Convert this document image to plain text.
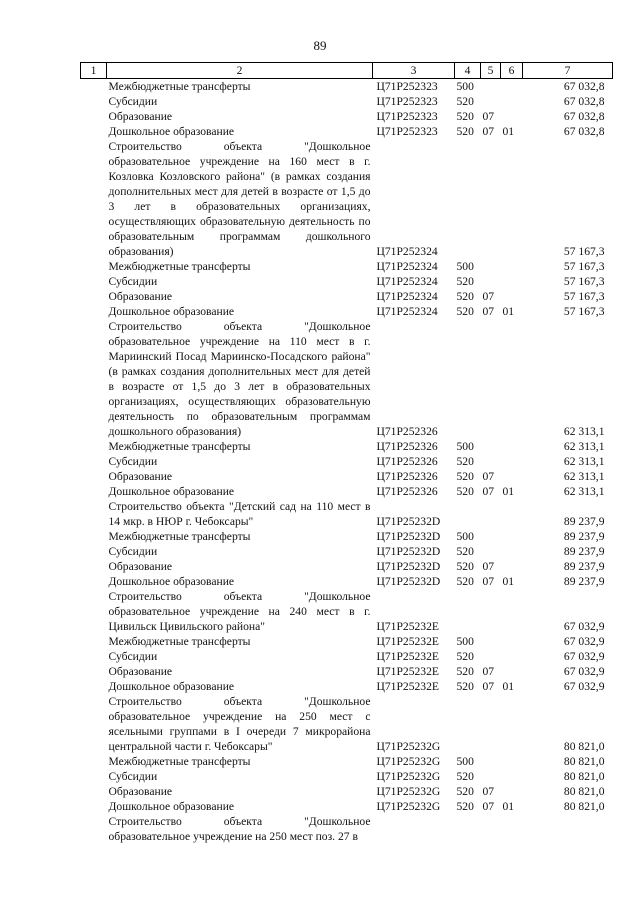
89
1	2	3	4	5	6	7
	Межбюджетные трансферты	Ц71P252323	500			67 032,8
	Субсидии	Ц71P252323	520			67 032,8
	Образование	Ц71P252323	520	07		67 032,8
	Дошкольное образование	Ц71P252323	520	07	01	67 032,8
	Строительство объекта "Дошкольное образовательное учреждение на 160 мест в г. Козловка Козловского района" (в рамках создания дополнительных мест для детей в возрасте от 1,5 до 3 лет в образовательных организациях, осуществляющих образовательную деятельность по образовательным программам дошкольного образования)	Ц71P252324				57 167,3
	Межбюджетные трансферты	Ц71P252324	500			57 167,3
	Субсидии	Ц71P252324	520			57 167,3
	Образование	Ц71P252324	520	07		57 167,3
	Дошкольное образование	Ц71P252324	520	07	01	57 167,3
	Строительство объекта "Дошкольное образовательное учреждение на 110 мест в г. Мариинский Посад Мариинско-Посадского района" (в рамках создания дополнительных мест для детей в возрасте от 1,5 до 3 лет в образовательных организациях, осуществляющих образовательную деятельность по образовательным программам дошкольного образования)	Ц71P252326				62 313,1
	Межбюджетные трансферты	Ц71P252326	500			62 313,1
	Субсидии	Ц71P252326	520			62 313,1
	Образование	Ц71P252326	520	07		62 313,1
	Дошкольное образование	Ц71P252326	520	07	01	62 313,1
	Строительство объекта "Детский сад на 110 мест в 14 мкр. в НЮР г. Чебоксары"	Ц71P25232D				89 237,9
	Межбюджетные трансферты	Ц71P25232D	500			89 237,9
	Субсидии	Ц71P25232D	520			89 237,9
	Образование	Ц71P25232D	520	07		89 237,9
	Дошкольное образование	Ц71P25232D	520	07	01	89 237,9
	Строительство объекта "Дошкольное образовательное учреждение на 240 мест в г. Цивильск Цивильского района"	Ц71P25232E				67 032,9
	Межбюджетные трансферты	Ц71P25232E	500			67 032,9
	Субсидии	Ц71P25232E	520			67 032,9
	Образование	Ц71P25232E	520	07		67 032,9
	Дошкольное образование	Ц71P25232E	520	07	01	67 032,9
	Строительство объекта "Дошкольное образовательное учреждение на 250 мест с ясельными группами в I очереди 7 микрорайона центральной части г. Чебоксары"	Ц71P25232G				80 821,0
	Межбюджетные трансферты	Ц71P25232G	500			80 821,0
	Субсидии	Ц71P25232G	520			80 821,0
	Образование	Ц71P25232G	520	07		80 821,0
	Дошкольное образование	Ц71P25232G	520	07	01	80 821,0
	Строительство объекта "Дошкольное образовательное учреждение на 250 мест поз. 27 в					
